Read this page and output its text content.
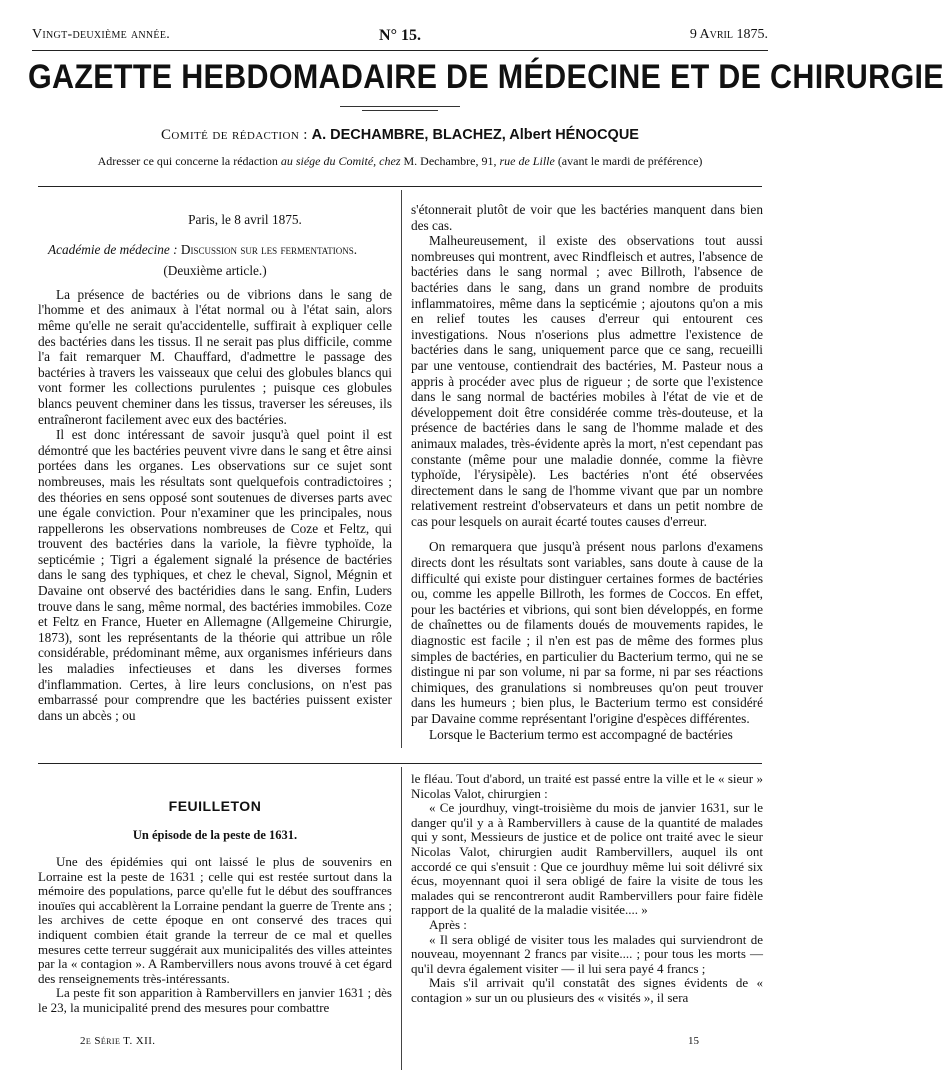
Vingt-deuxième année.	N° 15.	9 Avril 1875.
GAZETTE HEBDOMADAIRE DE MÉDECINE ET DE CHIRURGIE
Comité de rédaction : A. DECHAMBRE, BLACHEZ, Albert HÉNOCQUE
Adresser ce qui concerne la rédaction au siége du Comité, chez M. Dechambre, 91, rue de Lille (avant le mardi de préférence)

Paris, le 8 avril 1875.

Académie de médecine : Discussion sur les fermentations.

(Deuxième article.)

La présence de bactéries ou de vibrions dans le sang de l'homme et des animaux à l'état normal ou à l'état sain, alors même qu'elle ne serait qu'accidentelle, suffirait à expliquer celle des bactéries dans les tissus. Il ne serait pas plus difficile, comme l'a fait remarquer M. Chauffard, d'admettre le passage des bactéries à travers les vaisseaux que celui des globules blancs qui vont former les collections purulentes ; puisque ces globules blancs peuvent cheminer dans les tissus, traverser les séreuses, ils entraîneront facilement avec eux des bactéries.

Il est donc intéressant de savoir jusqu'à quel point il est démontré que les bactéries peuvent vivre dans le sang et être ainsi portées dans les organes. Les observations sur ce sujet sont nombreuses, mais les résultats sont quelquefois contradictoires ; des théories en sens opposé sont soutenues de diverses parts avec une égale conviction. Pour n'examiner que les principales, nous rappellerons les observations nombreuses de Coze et Feltz, qui trouvent des bactéries dans la variole, la fièvre typhoïde, la septicémie ; Tigri a également signalé la présence de bactéries dans le sang des typhiques, et chez le cheval, Signol, Mégnin et Davaine ont observé des bactéridies dans le sang. Enfin, Luders trouve dans le sang, même normal, des bactéries immobiles. Coze et Feltz en France, Hueter en Allemagne (Allgemeine Chirurgie, 1873), sont les représentants de la théorie qui attribue un rôle considérable, prédominant même, aux organismes inférieurs dans les maladies infectieuses et dans les diverses formes d'inflammation. Certes, à lire leurs conclusions, on n'est pas embarrassé pour comprendre que les bactéries puissent exister dans un abcès ; ou

s'étonnerait plutôt de voir que les bactéries manquent dans bien des cas.

Malheureusement, il existe des observations tout aussi nombreuses qui montrent, avec Rindfleisch et autres, l'absence de bactéries dans le sang normal ; avec Billroth, l'absence de bactéries dans le sang, dans un grand nombre de produits inflammatoires, même dans la septicémie ; ajoutons qu'on a mis en relief toutes les causes d'erreur qui entourent ces investigations. Nous n'oserions plus admettre l'existence de bactéries dans le sang, uniquement parce que ce sang, recueilli par une ventouse, contiendrait des bactéries, M. Pasteur nous a appris à procéder avec plus de rigueur ; de sorte que l'existence dans le sang normal de bactéries mobiles à l'état de vie et de développement doit être considérée comme très-douteuse, et la présence de bactéries dans le sang de l'homme malade et des animaux malades, très-évidente après la mort, n'est cependant pas constante (même pour une maladie donnée, comme la fièvre typhoïde, l'érysipèle). Les bactéries n'ont été observées directement dans le sang de l'homme vivant que par un nombre relativement restreint d'observateurs et dans un petit nombre de cas pour lesquels on aurait écarté toutes causes d'erreur.

On remarquera que jusqu'à présent nous parlons d'examens directs dont les résultats sont variables, sans doute à cause de la difficulté qui existe pour distinguer certaines formes de bactéries ou, comme les appelle Billroth, les formes de Coccos. En effet, pour les bactéries et vibrions, qui sont bien développés, en forme de chaînettes ou de filaments doués de mouvements rapides, le diagnostic est facile ; il n'en est pas de même des formes plus simples de bactéries, en particulier du Bacterium termo, qui ne se distingue ni par son volume, ni par sa forme, ni par ses réactions chimiques, des granulations si nombreuses qu'on peut trouver dans les humeurs ; bien plus, le Bacterium termo est considéré par Davaine comme représentant l'origine d'espèces différentes.

Lorsque le Bacterium termo est accompagné de bactéries

FEUILLETON
Un épisode de la peste de 1631.

Une des épidémies qui ont laissé le plus de souvenirs en Lorraine est la peste de 1631 ; celle qui est restée surtout dans la mémoire des populations, parce qu'elle fut le début des souffrances inouïes qui accablèrent la Lorraine pendant la guerre de Trente ans ; les archives de cette époque en ont conservé des traces qui indiquent combien était grande la terreur de ce mal et quelles mesures cette terreur suggérait aux municipalités des villes atteintes par la « contagion ». A Rambervillers nous avons trouvé à cet égard des renseignements très-intéressants.

La peste fit son apparition à Rambervillers en janvier 1631 ; dès le 23, la municipalité prend des mesures pour combattre

le fléau. Tout d'abord, un traité est passé entre la ville et le « sieur » Nicolas Valot, chirurgien :

« Ce jourdhuy, vingt-troisième du mois de janvier 1631, sur le danger qu'il y a à Rambervillers à cause de la quantité de malades qui y sont, Messieurs de justice et de police ont traité avec le sieur Nicolas Valot, chirurgien audit Rambervillers, auquel ils ont accordé ce qui s'ensuit : Que ce jourdhuy même lui soit délivré six écus, moyennant quoi il sera obligé de faire la visite de tous les malades qui se rencontreront audit Rambervillers pour faire fidèle rapport de la qualité de la maladie visitée.... »

Après :

« Il sera obligé de visiter tous les malades qui surviendront de nouveau, moyennant 2 francs par visite.... ; pour tous les morts — qu'il devra également visiter — il lui sera payé 4 francs ;

Mais s'il arrivait qu'il constatât des signes évidents de « contagion » sur un ou plusieurs des « visités », il sera

2e Série T. XII.	15
